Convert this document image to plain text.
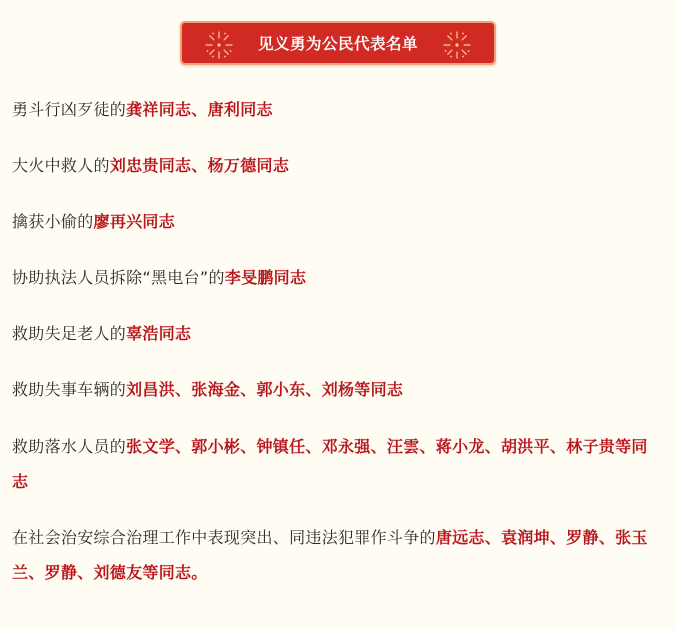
见义勇为公民代表名单

勇斗行凶歹徒的龚祥同志、唐利同志

大火中救人的刘忠贵同志、杨万德同志

擒获小偷的廖再兴同志

协助执法人员拆除“黑电台”的李旻鹏同志

救助失足老人的辜浩同志

救助失事车辆的刘昌洪、张海金、郭小东、刘杨等同志

救助落水人员的张文学、郭小彬、钟镇任、邓永强、汪雲、蒋小龙、胡洪平、林子贵等同志

在社会治安综合治理工作中表现突出、同违法犯罪作斗争的唐远志、袁润坤、罗静、张玉兰、罗静、刘德友等同志。
